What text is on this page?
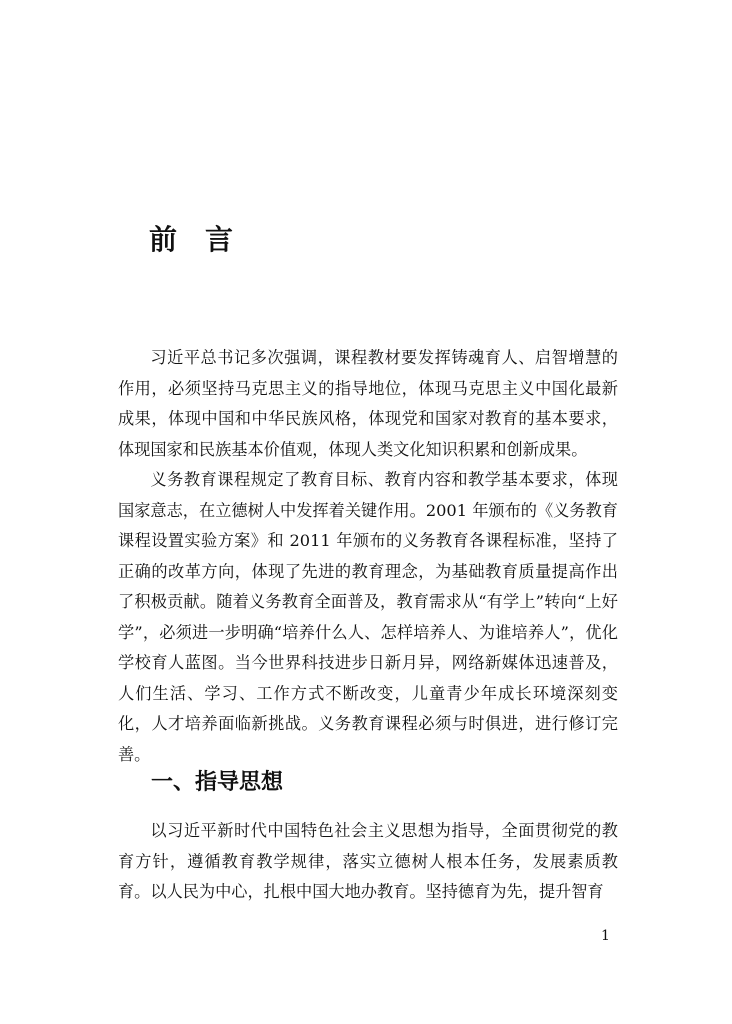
前言

习近平总书记多次强调，课程教材要发挥铸魂育人、启智增慧的作用，必须坚持马克思主义的指导地位，体现马克思主义中国化最新成果，体现中国和中华民族风格，体现党和国家对教育的基本要求，体现国家和民族基本价值观，体现人类文化知识积累和创新成果。

义务教育课程规定了教育目标、教育内容和教学基本要求，体现国家意志，在立德树人中发挥着关键作用。2001 年颁布的《义务教育课程设置实验方案》和 2011 年颁布的义务教育各课程标准，坚持了正确的改革方向，体现了先进的教育理念，为基础教育质量提高作出了积极贡献。随着义务教育全面普及，教育需求从“有学上”转向“上好学”，必须进一步明确“培养什么人、怎样培养人、为谁培养人”，优化学校育人蓝图。当今世界科技进步日新月异，网络新媒体迅速普及，人们生活、学习、工作方式不断改变，儿童青少年成长环境深刻变化，人才培养面临新挑战。义务教育课程必须与时俱进，进行修订完善。

一、指导思想

以习近平新时代中国特色社会主义思想为指导，全面贯彻党的教育方针，遵循教育教学规律，落实立德树人根本任务，发展素质教育。以人民为中心，扎根中国大地办教育。坚持德育为先，提升智育

1
